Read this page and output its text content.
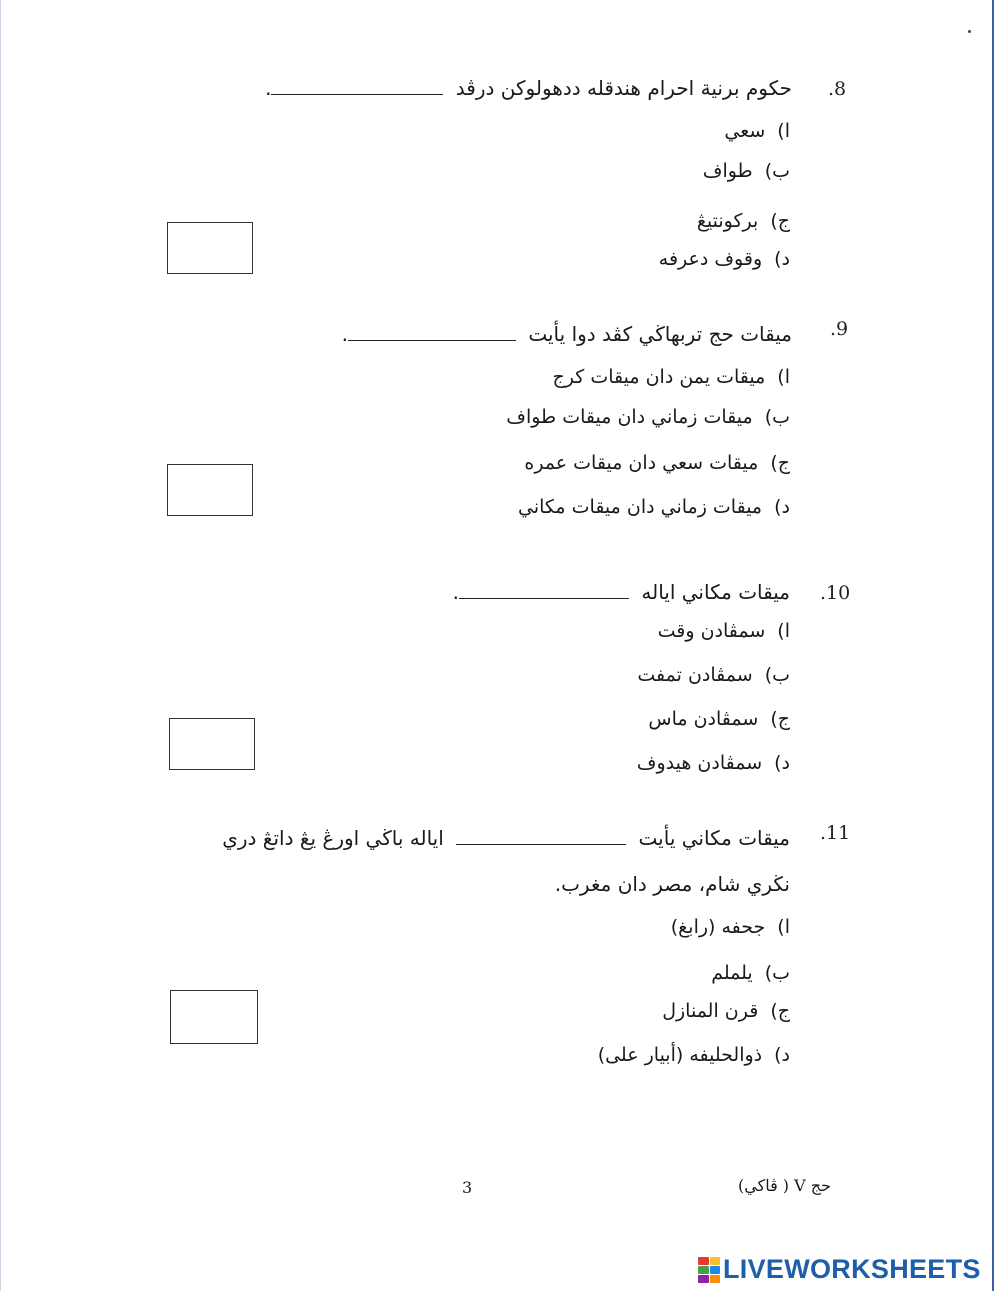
.8
حكوم برنية احرام هندقله ددهولوكن درڤد .
ا)سعي
ب)طواف
ج)بركونتيڠ
د)وقوف دعرفه
.9
ميقات حج تربهاڬي كڤد دوا يأيت .
ا)ميقات يمن دان ميقات كرج
ب)ميقات زماني دان ميقات طواف
ج)ميقات سعي دان ميقات عمره
د)ميقات زماني دان ميقات مكاني
.10
ميقات مكاني اياله .
ا)سمڤادن وقت
ب)سمڤادن تمفت
ج)سمڤادن ماس
د)سمڤادن هيدوف
.11
ميقات مكاني يأيت  اياله باڬي اورڠ يڠ داتڠ دري
نڬري شام، مصر دان مغرب.
ا)جحفه (رابغ)
ب)يلملم
ج)قرن المنازل
د)ذوالحليفه (أبيار على)
حج V ( ڤاكي)
3
LIVEWORKSHEETS
